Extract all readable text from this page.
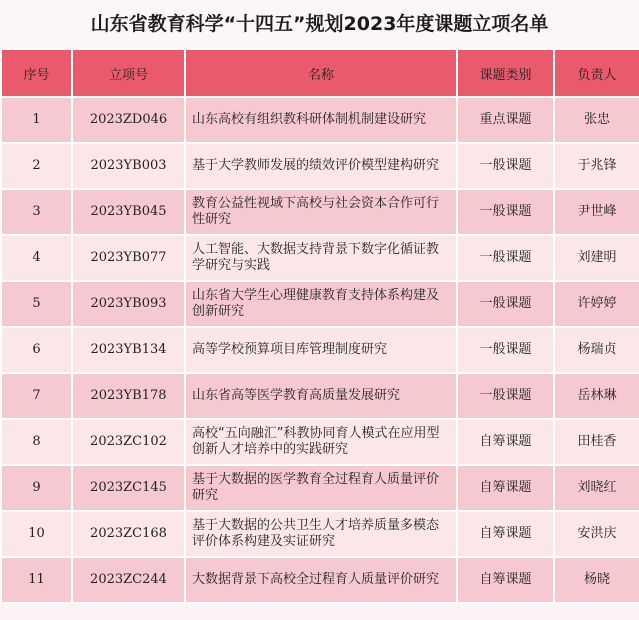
山东省教育科学“十四五”规划2023年度课题立项名单
序号	立项号	名称	课题类别	负责人
1	2023ZD046	山东高校有组织教科研体制机制建设研究	重点课题	张忠
2	2023YB003	基于大学教师发展的绩效评价模型建构研究	一般课题	于兆锋
3	2023YB045	教育公益性视域下高校与社会资本合作可行性研究	一般课题	尹世峰
4	2023YB077	人工智能、大数据支持背景下数字化循证教学研究与实践	一般课题	刘建明
5	2023YB093	山东省大学生心理健康教育支持体系构建及创新研究	一般课题	许婷婷
6	2023YB134	高等学校预算项目库管理制度研究	一般课题	杨瑞贞
7	2023YB178	山东省高等医学教育高质量发展研究	一般课题	岳林琳
8	2023ZC102	高校“五向融汇”科教协同育人模式在应用型创新人才培养中的实践研究	自筹课题	田桂香
9	2023ZC145	基于大数据的医学教育全过程育人质量评价研究	自筹课题	刘晓红
10	2023ZC168	基于大数据的公共卫生人才培养质量多模态评价体系构建及实证研究	自筹课题	安洪庆
11	2023ZC244	大数据背景下高校全过程育人质量评价研究	自筹课题	杨晓
